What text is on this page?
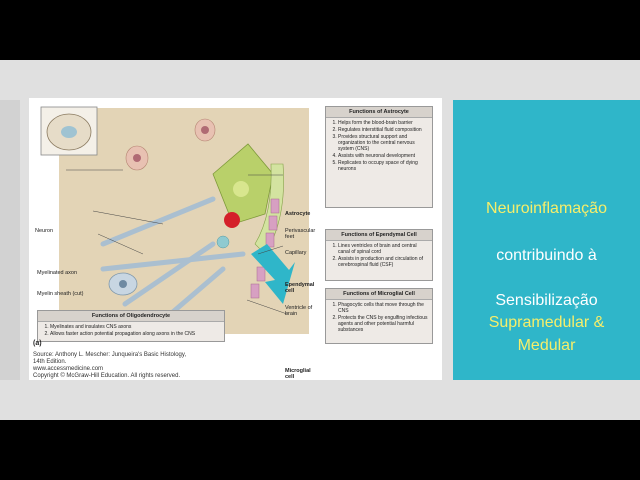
Neuron
Myelinated axon
Myelin sheath (cut)
Astrocyte
Perivascular feet
Capillary
Ependymal cell
Ventricle of brain
Microglial cell
Functions of Astrocyte
1. Helps form the blood-brain barrier
2. Regulates interstitial fluid composition
3. Provides structural support and organization to the central nervous system (CNS)
4. Assists with neuronal development
5. Replicates to occupy space of dying neurons
Functions of Ependymal Cell
1. Lines ventricles of brain and central canal of spinal cord
2. Assists in production and circulation of cerebrospinal fluid (CSF)
Functions of Microglial Cell
1. Phagocytic cells that move through the CNS
2. Protects the CNS by engulfing infectious agents and other potential harmful substances
Functions of Oligodendrocyte
1. Myelinates and insulates CNS axons
2. Allows faster action potential propagation along axons in the CNS
(a)
Source: Anthony L. Mescher: Junqueira's Basic Histology,
14th Edition.
www.accessmedicine.com
Copyright © McGraw-Hill Education. All rights reserved.
Neuroinflamação
contribuindo à
Sensibilização
Supramedular &
Medular
